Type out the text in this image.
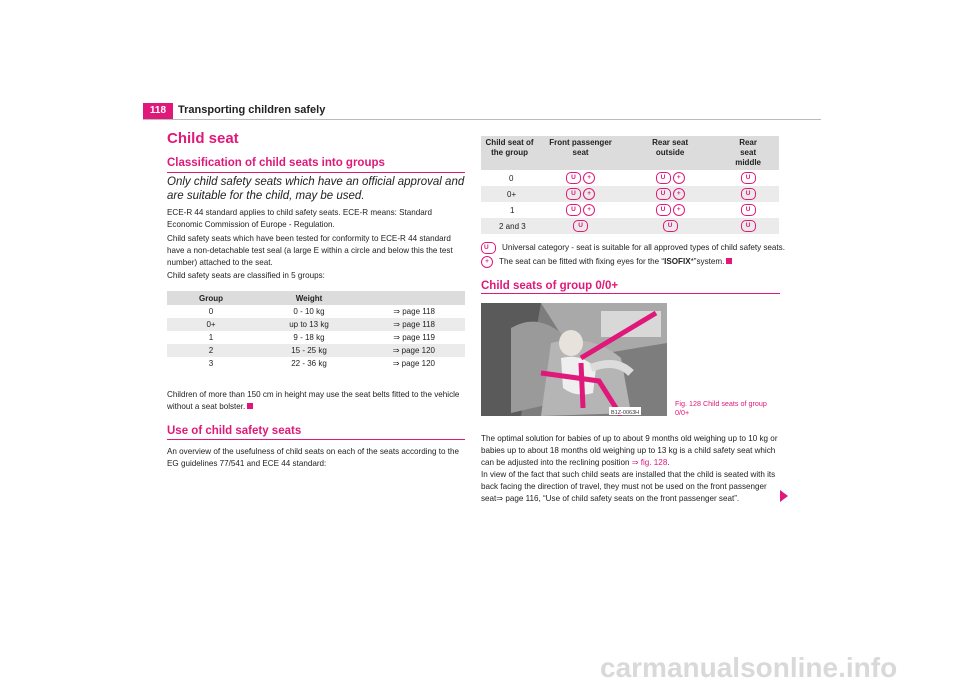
118	Transporting children safely
Child seat
Classification of child seats into groups

Only child safety seats which have an official approval and are suitable for the child, may be used.

ECE-R 44 standard applies to child safety seats. ECE-R means: Standard Economic Commission of Europe - Regulation.

Child safety seats which have been tested for conformity to ECE-R 44 standard have a non-detachable test seal (a large E within a circle and below this the test number) attached to the seat.

Child safety seats are classified in 5 groups:

Group	Weight	
0	0 - 10 kg	⇒ page 118
0+	up to 13 kg	⇒ page 118
1	9 - 18 kg	⇒ page 119
2	15 - 25 kg	⇒ page 120
3	22 - 36 kg	⇒ page 120

Children of more than 150 cm in height may use the seat belts fitted to the vehicle without a seat bolster.

Use of child safety seats

An overview of the usefulness of child seats on each of the seats according to the EG guidelines 77/541 and ECE 44 standard:

Child seat of the group	Front passenger seat	Rear seat outside	Rear seat middle
0	U +	U +	U
0+	U +	U +	U
1	U +	U +	U
2 and 3	U	U	U
U Universal category - seat is suitable for all approved types of child safety seats.
+ The seat can be fitted with fixing eyes for the “ISOFIX*”system.
Child seats of group 0/0+
B1Z-0063H
Fig. 128 Child seats of group 0/0+

The optimal solution for babies of up to about 9 months old weighing up to 10 kg or babies up to about 18 months old weighing up to 13 kg is a child safety seat which can be adjusted into the reclining position ⇒ fig. 128.

In view of the fact that such child seats are installed that the child is seated with its back facing the direction of travel, they must not be used on the front passenger seat⇒ page 116, “Use of child safety seats on the front passenger seat”.

carmanualsonline.info
